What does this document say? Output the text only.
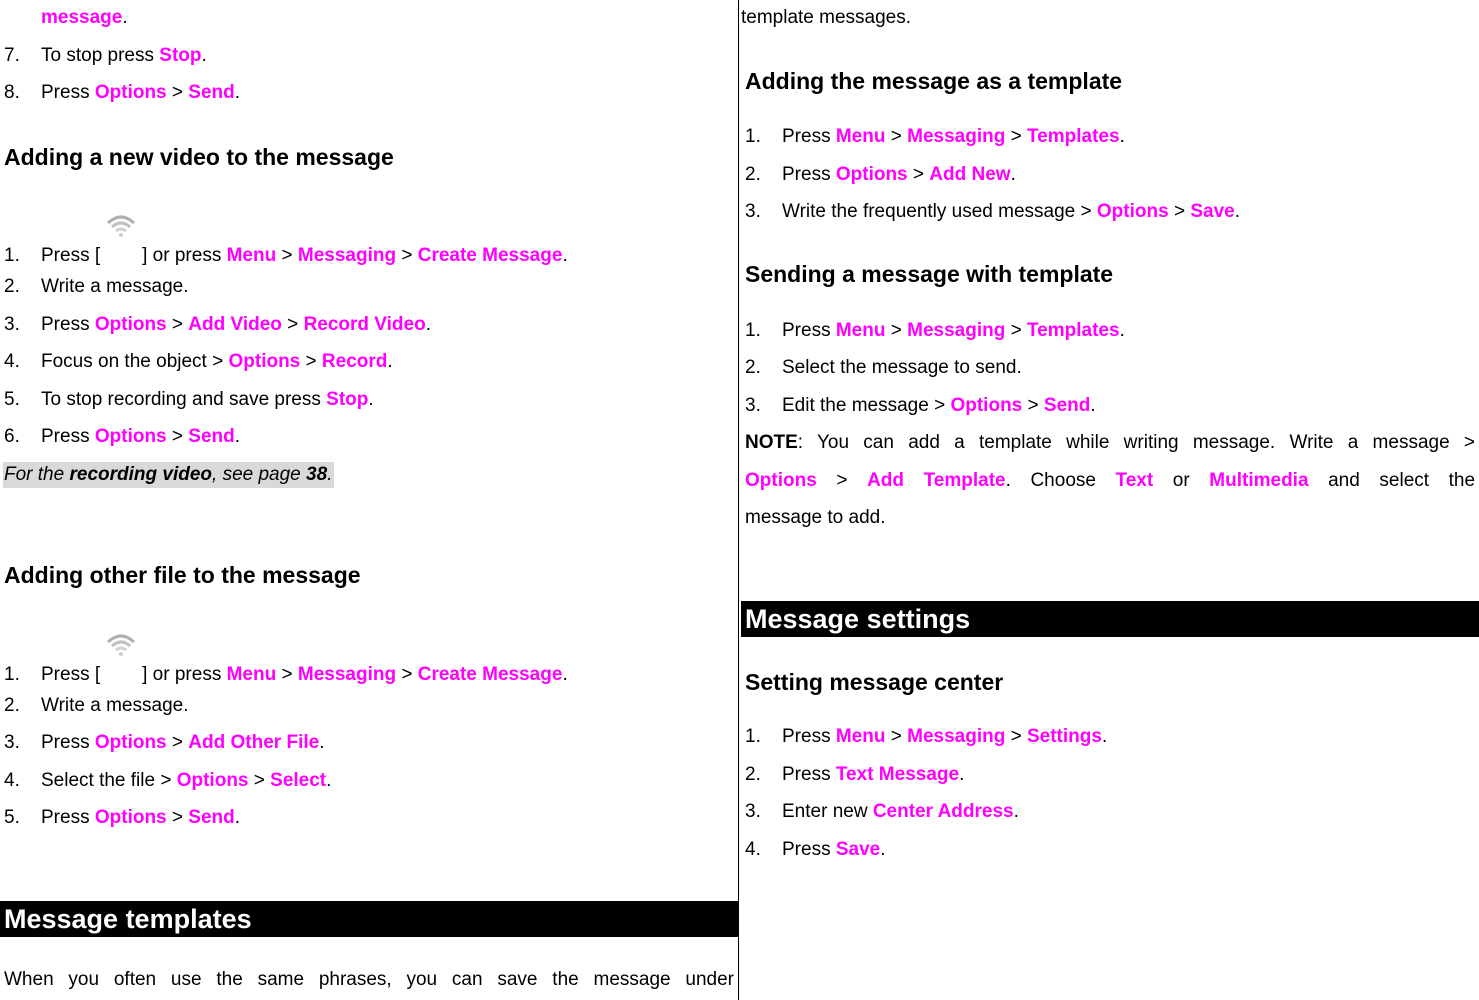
message.
7. To stop press Stop.
8. Press Options > Send.
Adding a new video to the message
1. Press [ ] or press Menu > Messaging > Create Message.
2. Write a message.
3. Press Options > Add Video > Record Video.
4. Focus on the object > Options > Record.
5. To stop recording and save press Stop.
6. Press Options > Send.
For the recording video, see page 38.
Adding other file to the message
1. Press [ ] or press Menu > Messaging > Create Message.
2. Write a message.
3. Press Options > Add Other File.
4. Select the file > Options > Select.
5. Press Options > Send.
Message templates
When you often use the same phrases, you can save the message under
template messages.
Adding the message as a template
1. Press Menu > Messaging > Templates.
2. Press Options > Add New.
3. Write the frequently used message > Options > Save.
Sending a message with template
1. Press Menu > Messaging > Templates.
2. Select the message to send.
3. Edit the message > Options > Send.
NOTE: You can add a template while writing message. Write a message >
Options > Add Template. Choose Text or Multimedia and select the
message to add.
Message settings
Setting message center
1. Press Menu > Messaging > Settings.
2. Press Text Message.
3. Enter new Center Address.
4. Press Save.
